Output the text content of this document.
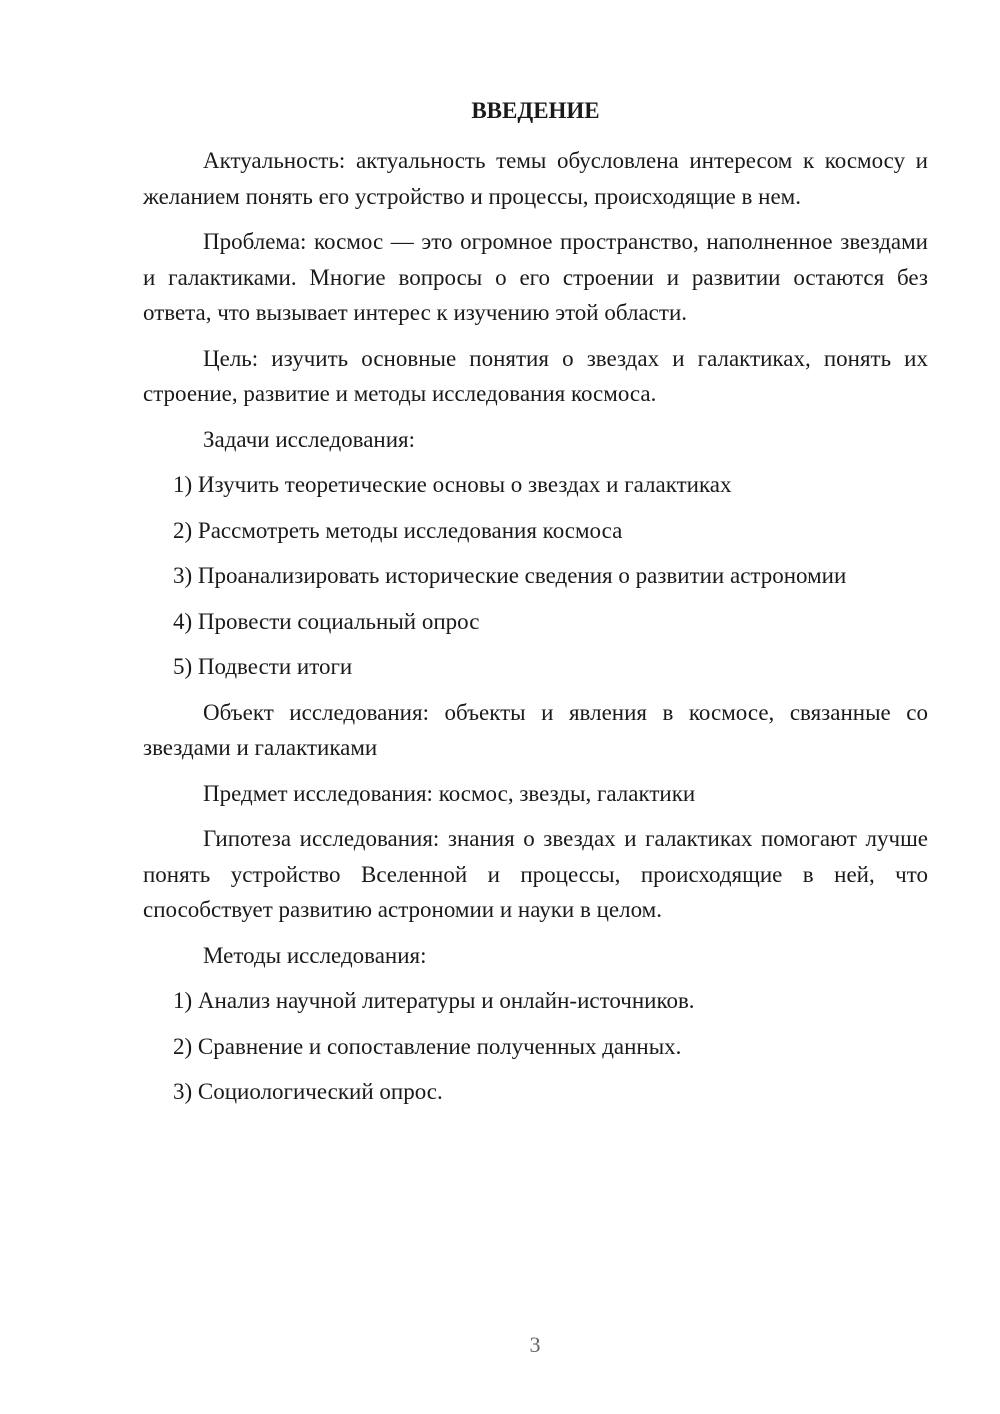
ВВЕДЕНИЕ

Актуальность: актуальность темы обусловлена интересом к космосу и желанием понять его устройство и процессы, происходящие в нем.

Проблема: космос — это огромное пространство, наполненное звездами и галактиками. Многие вопросы о его строении и развитии остаются без ответа, что вызывает интерес к изучению этой области.

Цель: изучить основные понятия о звездах и галактиках, понять их строение, развитие и методы исследования космоса.

Задачи исследования:

1) Изучить теоретические основы о звездах и галактиках
2) Рассмотреть методы исследования космоса
3) Проанализировать исторические сведения о развитии астрономии
4) Провести социальный опрос
5) Подвести итоги

Объект исследования: объекты и явления в космосе, связанные со звездами и галактиками

Предмет исследования: космос, звезды, галактики

Гипотеза исследования: знания о звездах и галактиках помогают лучше понять устройство Вселенной и процессы, происходящие в ней, что способствует развитию астрономии и науки в целом.

Методы исследования:

1) Анализ научной литературы и онлайн-источников.
2) Сравнение и сопоставление полученных данных.
3) Социологический опрос.
3
